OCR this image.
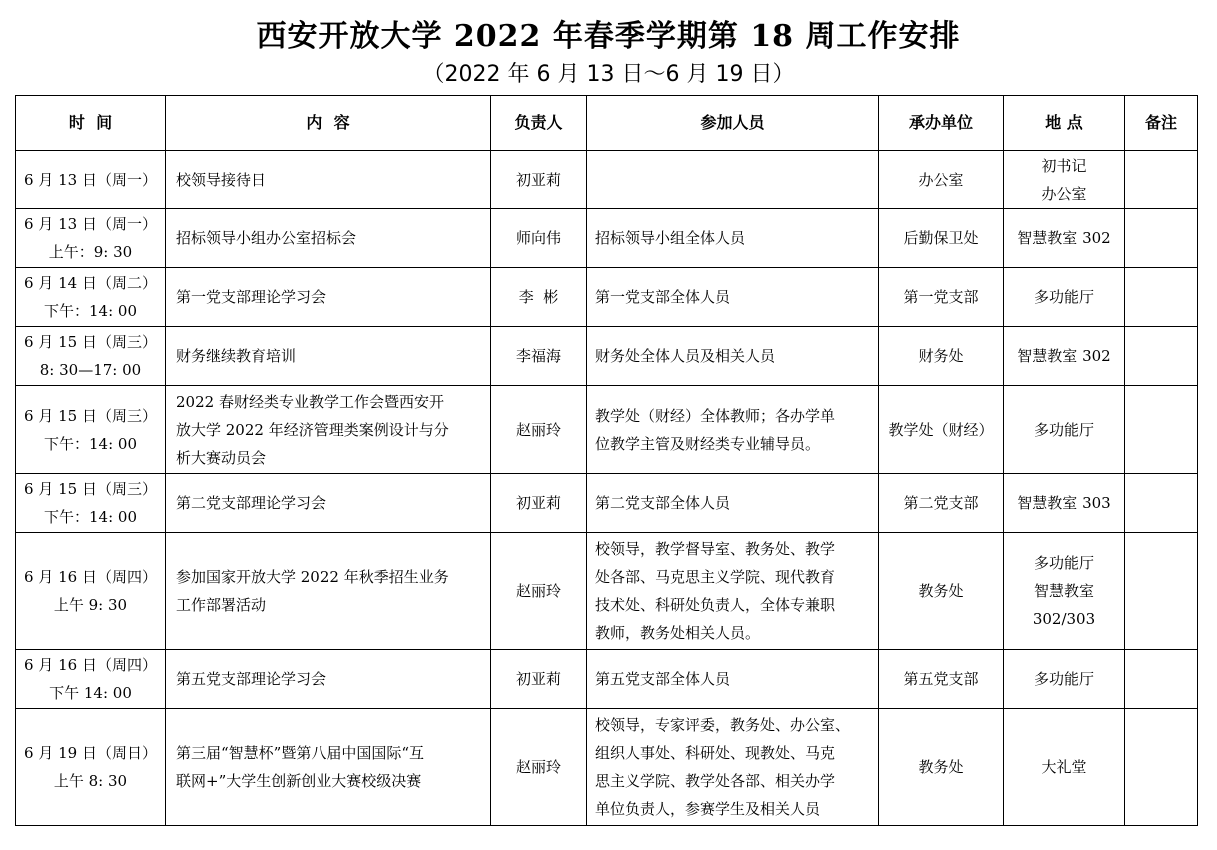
西安开放大学 2022 年春季学期第 18 周工作安排
（2022 年 6 月 13 日～6 月 19 日）
时  间	内  容	负责人	参加人员	承办单位	地 点	备注

6 月 13 日（周一）	校领导接待日	初亚莉		办公室	初书记
办公室	

6 月 13 日（周一）
上午：9: 30	招标领导小组办公室招标会	师向伟	招标领导小组全体人员	后勤保卫处	智慧教室 302	

6 月 14 日（周二）
下午：14: 00	第一党支部理论学习会	李  彬	第一党支部全体人员	第一党支部	多功能厅	

6 月 15 日（周三）
8: 30—17: 00	财务继续教育培训	李福海	财务处全体人员及相关人员	财务处	智慧教室 302	

6 月 15 日（周三）
下午：14: 00	2022 春财经类专业教学工作会暨西安开
放大学 2022 年经济管理类案例设计与分
析大赛动员会	赵丽玲	教学处（财经）全体教师；各办学单
位教学主管及财经类专业辅导员。	教学处（财经）	多功能厅	

6 月 15 日（周三）
下午：14: 00	第二党支部理论学习会	初亚莉	第二党支部全体人员	第二党支部	智慧教室 303	

6 月 16 日（周四）
上午 9: 30	参加国家开放大学 2022 年秋季招生业务
工作部署活动	赵丽玲	校领导，教学督导室、教务处、教学
处各部、马克思主义学院、现代教育
技术处、科研处负责人，全体专兼职
教师，教务处相关人员。	教务处	多功能厅
智慧教室
302/303	

6 月 16 日（周四）
下午 14: 00	第五党支部理论学习会	初亚莉	第五党支部全体人员	第五党支部	多功能厅	

6 月 19 日（周日）
上午 8: 30	第三届“智慧杯”暨第八届中国国际“互
联网+”大学生创新创业大赛校级决赛	赵丽玲	校领导，专家评委，教务处、办公室、
组织人事处、科研处、现教处、马克
思主义学院、教学处各部、相关办学
单位负责人，参赛学生及相关人员	教务处	大礼堂	
